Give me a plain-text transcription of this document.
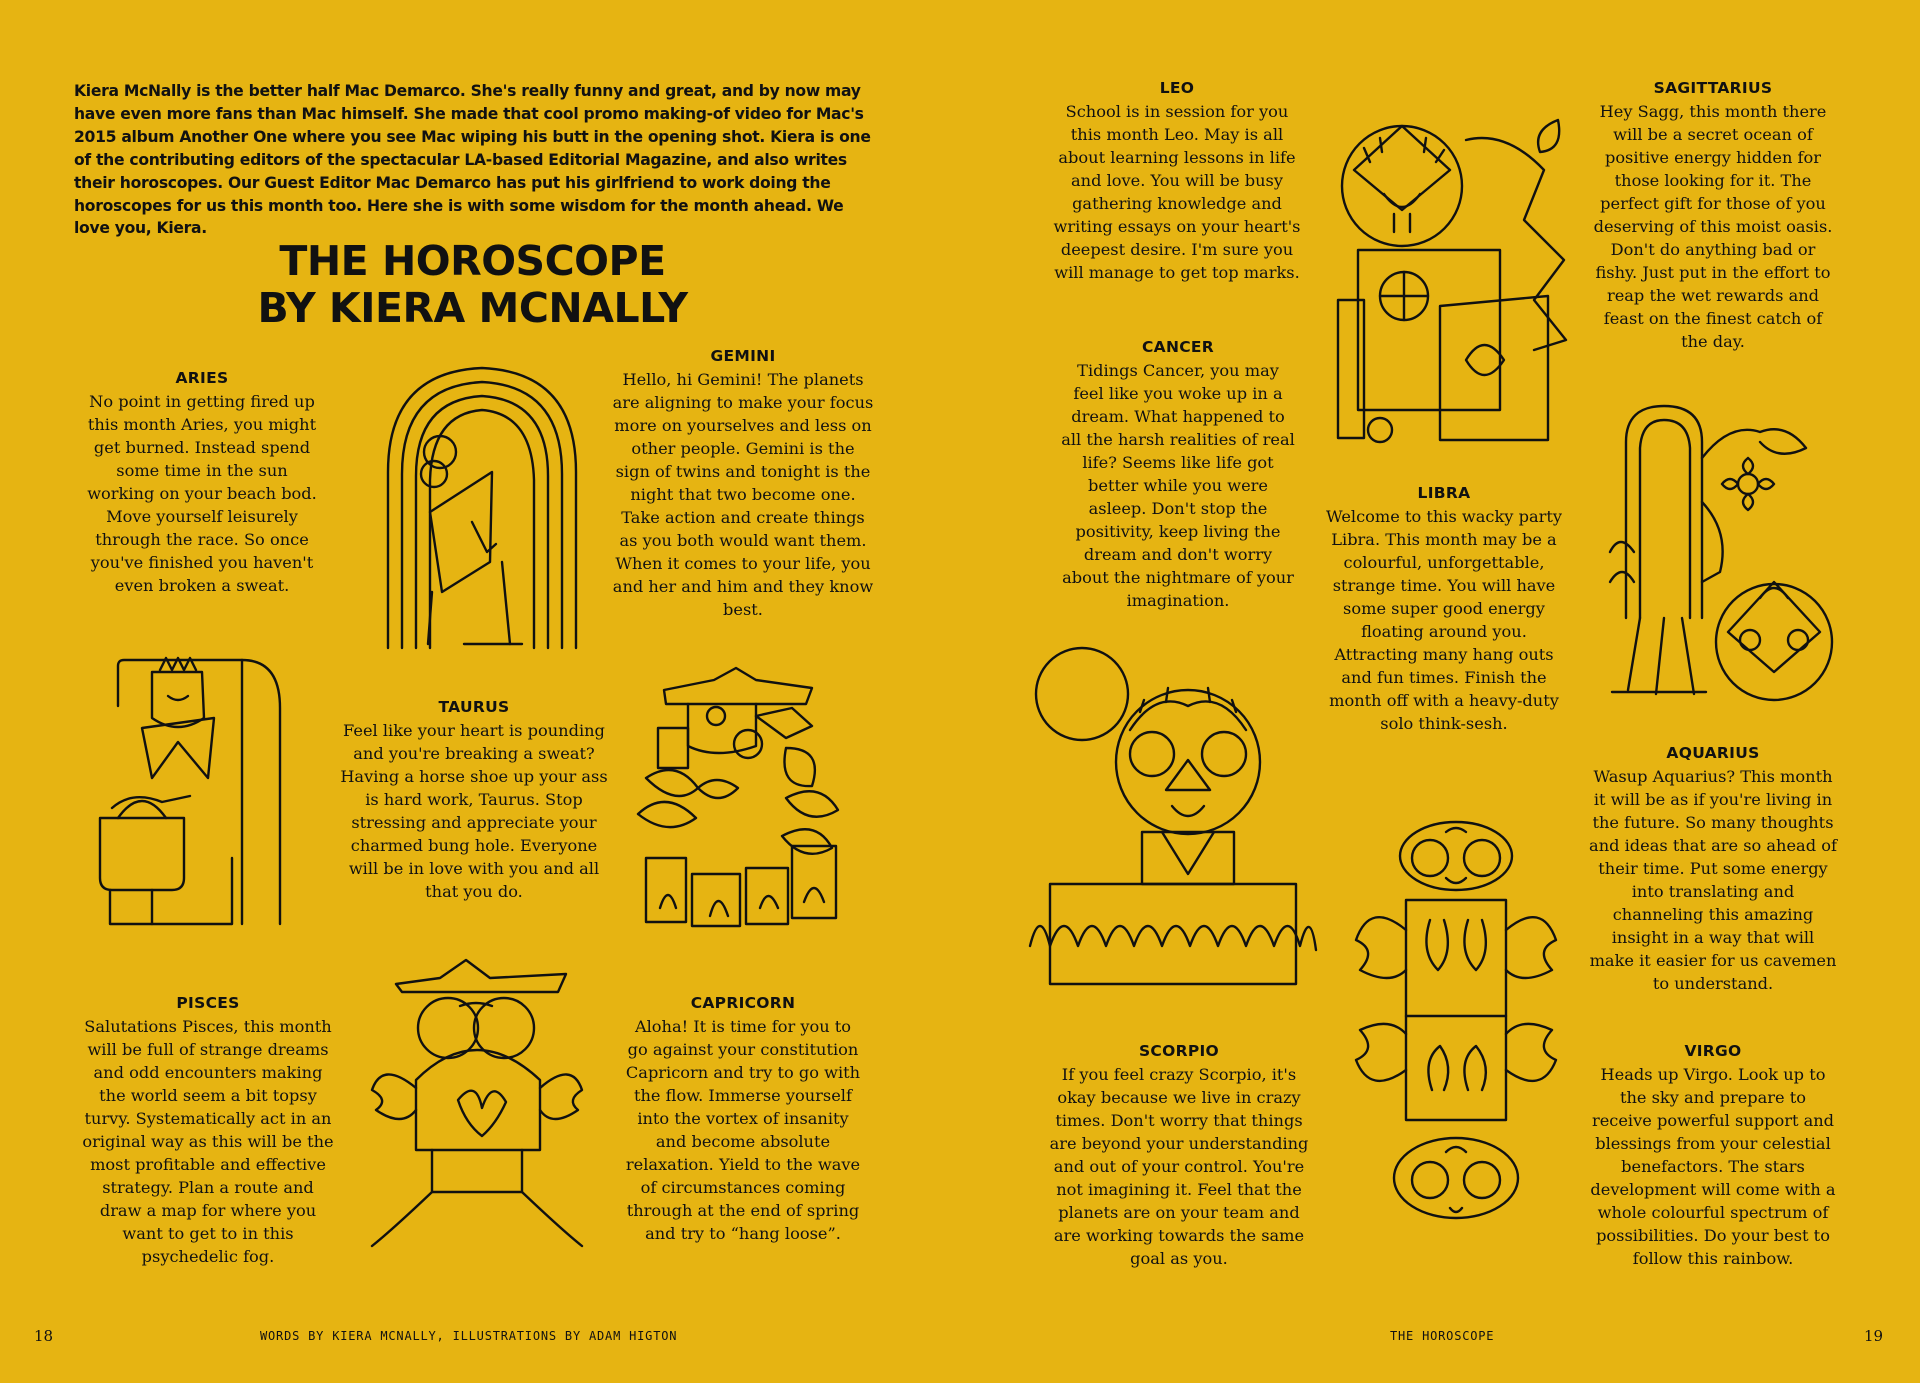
Kiera McNally is the better half Mac Demarco. She's really funny and great, and by now may have even more fans than Mac himself. She made that cool promo making-of video for Mac's 2015 album Another One where you see Mac wiping his butt in the opening shot. Kiera is one of the contributing editors of the spectacular LA-based Editorial Magazine, and also writes their horoscopes. Our Guest Editor Mac Demarco has put his girlfriend to work doing the horoscopes for us this month too. Here she is with some wisdom for the month ahead. We love you, Kiera.

THE HOROSCOPE
BY KIERA MCNALLY
ARIES

No point in getting fired up this month Aries, you might get burned. Instead spend some time in the sun working on your beach bod. Move yourself leisurely through the race. So once you've finished you haven't even broken a sweat.

GEMINI

Hello, hi Gemini! The planets are aligning to make your focus more on yourselves and less on other people. Gemini is the sign of twins and tonight is the night that two become one. Take action and create things as you both would want them. When it comes to your life, you and her and him and they know best.

TAURUS

Feel like your heart is pounding and you're breaking a sweat? Having a horse shoe up your ass is hard work, Taurus. Stop stressing and appreciate your charmed bung hole. Everyone will be in love with you and all that you do.

PISCES

Salutations Pisces, this month will be full of strange dreams and odd encounters making the world seem a bit topsy turvy. Systematically act in an original way as this will be the most profitable and effective strategy. Plan a route and draw a map for where you want to get to in this psychedelic fog.

CAPRICORN

Aloha! It is time for you to go against your constitution Capricorn and try to go with the flow. Immerse yourself into the vortex of insanity and become absolute relaxation. Yield to the wave of circumstances coming through at the end of spring and try to “hang loose”.

LEO

School is in session for you this month Leo. May is all about learning lessons in life and love. You will be busy gathering knowledge and writing essays on your heart's deepest desire. I'm sure you will manage to get top marks.

CANCER

Tidings Cancer, you may feel like you woke up in a dream. What happened to all the harsh realities of real life? Seems like life got better while you were asleep. Don't stop the positivity, keep living the dream and don't worry about the nightmare of your imagination.

LIBRA

Welcome to this wacky party Libra. This month may be a colourful, unforgettable, strange time. You will have some super good energy floating around you. Attracting many hang outs and fun times. Finish the month off with a heavy-duty solo think-sesh.

SCORPIO

If you feel crazy Scorpio, it's okay because we live in crazy times. Don't worry that things are beyond your understanding and out of your control. You're not imagining it. Feel that the planets are on your team and are working towards the same goal as you.

SAGITTARIUS

Hey Sagg, this month there will be a secret ocean of positive energy hidden for those looking for it. The perfect gift for those of you deserving of this moist oasis. Don't do anything bad or fishy. Just put in the effort to reap the wet rewards and feast on the finest catch of the day.

AQUARIUS

Wasup Aquarius? This month it will be as if you're living in the future. So many thoughts and ideas that are so ahead of their time. Put some energy into translating and channeling this amazing insight in a way that will make it easier for us cavemen to understand.

VIRGO

Heads up Virgo. Look up to the sky and prepare to receive powerful support and blessings from your celestial benefactors. The stars development will come with a whole colourful spectrum of possibilities. Do your best to follow this rainbow.

18	WORDS BY KIERA MCNALLY, ILLUSTRATIONS BY ADAM HIGTON	THE HOROSCOPE	19
